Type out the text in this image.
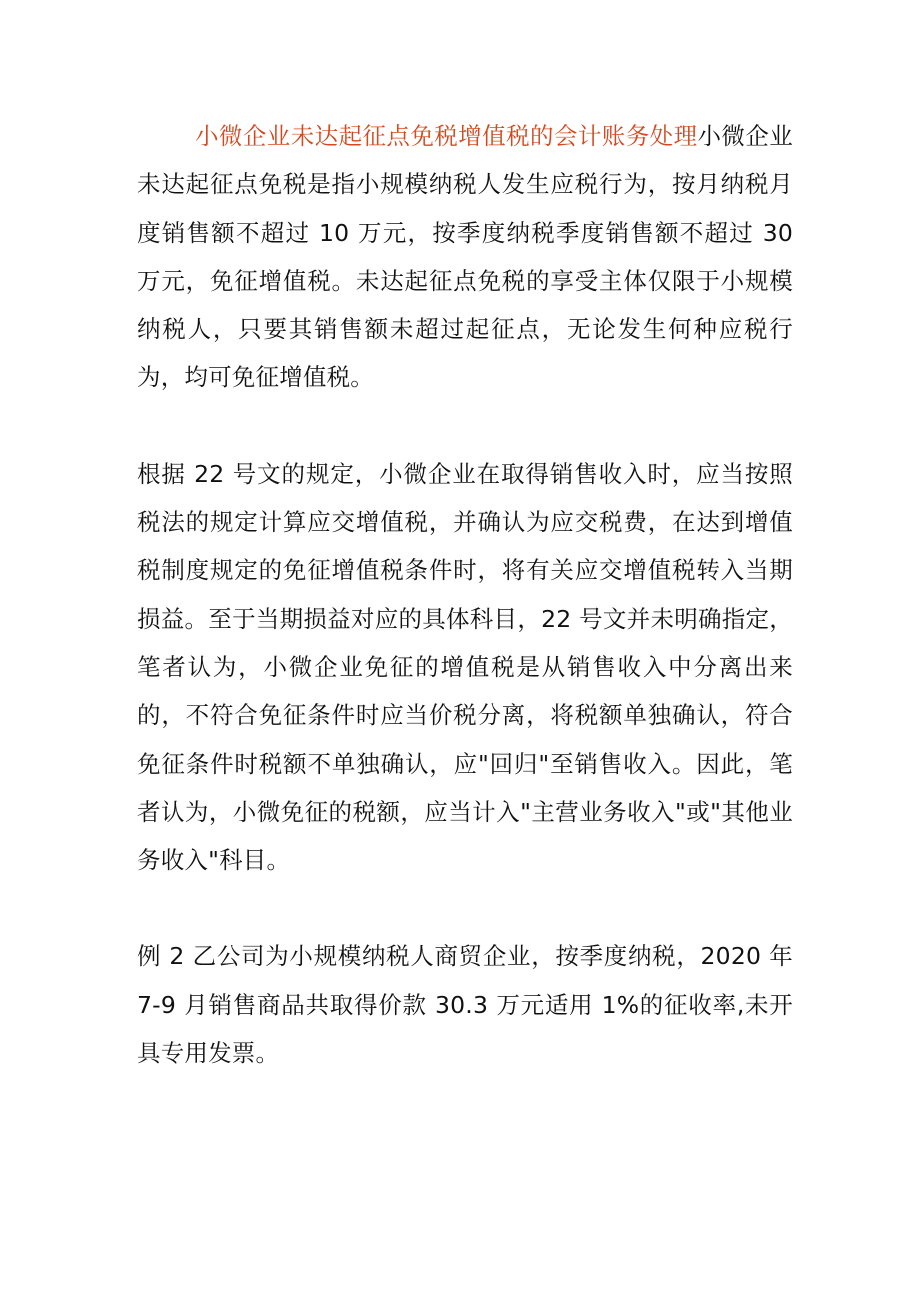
小微企业未达起征点免税增值税的会计账务处理小微企业未达起征点免税是指小规模纳税人发生应税行为，按月纳税月度销售额不超过 10 万元，按季度纳税季度销售额不超过 30 万元，免征增值税。未达起征点免税的享受主体仅限于小规模纳税人，只要其销售额未超过起征点，无论发生何种应税行为，均可免征增值税。

根据 22 号文的规定，小微企业在取得销售收入时，应当按照税法的规定计算应交增值税，并确认为应交税费，在达到增值税制度规定的免征增值税条件时，将有关应交增值税转入当期损益。至于当期损益对应的具体科目，22 号文并未明确指定，笔者认为，小微企业免征的增值税是从销售收入中分离出来的，不符合免征条件时应当价税分离，将税额单独确认，符合免征条件时税额不单独确认，应"回归"至销售收入。因此，笔者认为，小微免征的税额，应当计入"主营业务收入"或"其他业务收入"科目。

例 2 乙公司为小规模纳税人商贸企业，按季度纳税，2020 年 7-9 月销售商品共取得价款 30.3 万元适用 1%的征收率,未开具专用发票。
